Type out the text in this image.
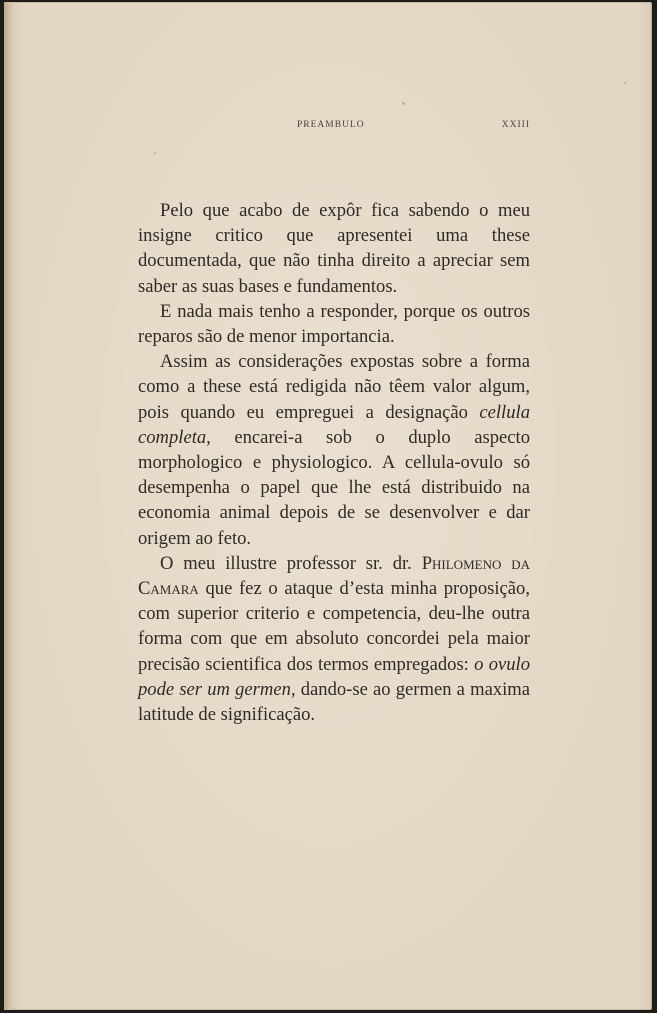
PREAMBULO	XXIII

Pelo que acabo de expôr fica sabendo o meu insigne critico que apresentei uma these documentada, que não tinha direito a apreciar sem saber as suas bases e fundamentos.

E nada mais tenho a responder, porque os outros reparos são de menor importancia.

Assim as considerações expostas sobre a forma como a these está redigida não têem valor algum, pois quando eu empreguei a designação cellula completa, encarei-a sob o duplo aspecto morphologico e physiologico. A cellula-ovulo só desempenha o papel que lhe está distribuido na economia animal depois de se desenvolver e dar origem ao feto.

O meu illustre professor sr. dr. Philomeno da Camara que fez o ataque d’esta minha proposição, com superior criterio e competencia, deu-lhe outra forma com que em absoluto concordei pela maior precisão scientifica dos termos empregados: o ovulo pode ser um germen, dando-se ao germen a maxima latitude de significação.
